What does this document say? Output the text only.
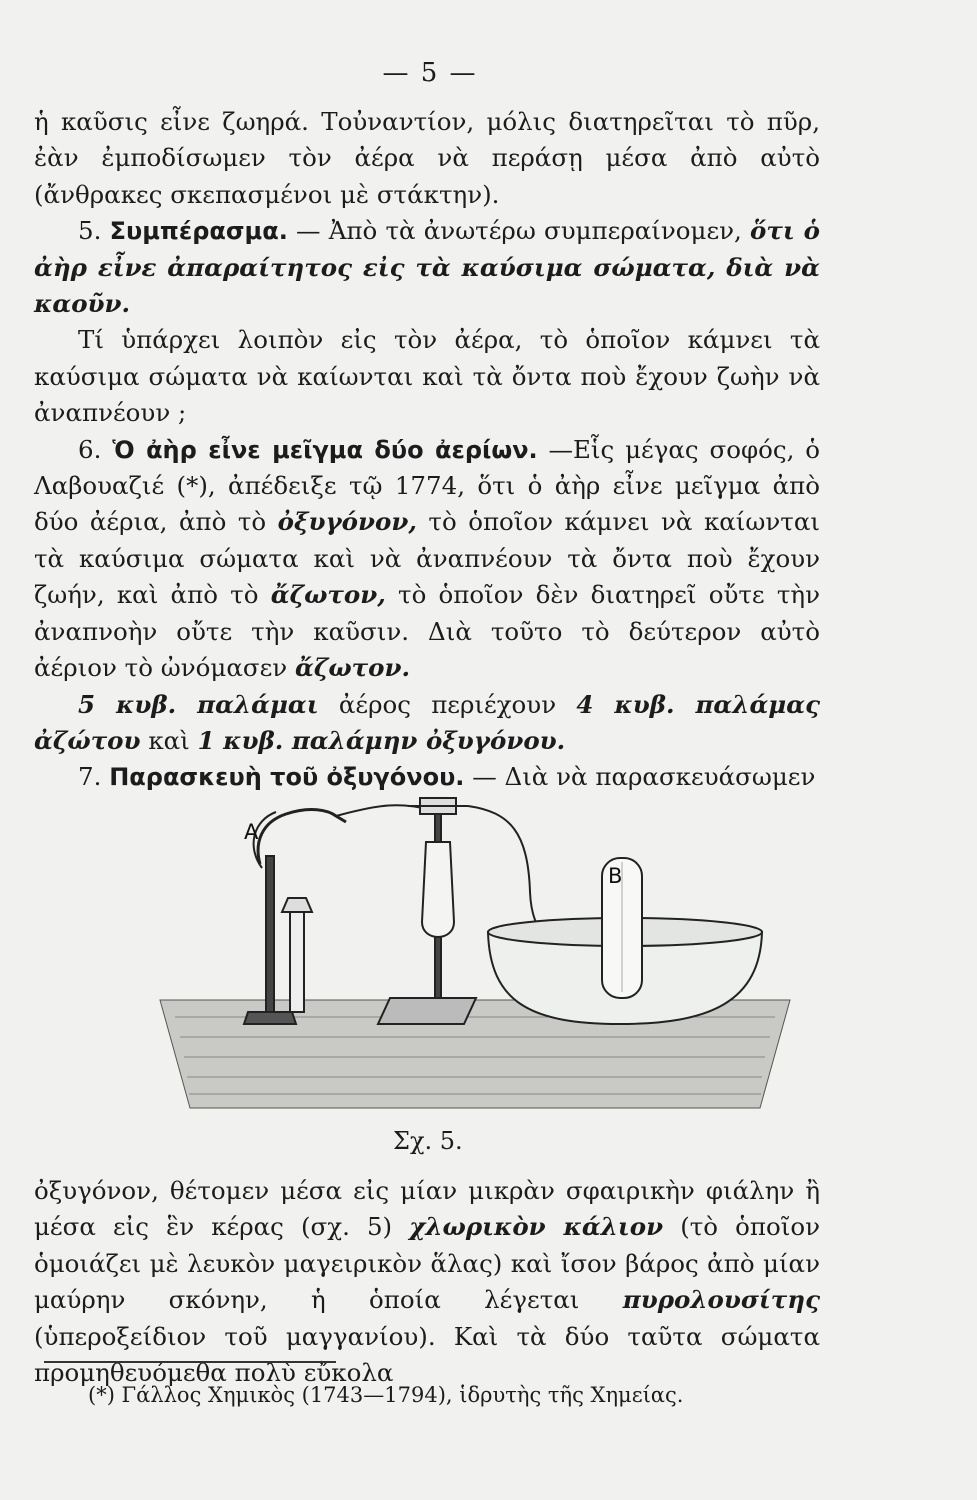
— 5 —

ἡ καῦσις εἶνε ζωηρά. Τοὐναντίον, μόλις διατηρεῖται τὸ πῦρ, ἐὰν ἐμποδίσωμεν τὸν ἀέρα νὰ περάσῃ μέσα ἀπὸ αὐτὸ (ἄνθρακες σκεπασμένοι μὲ στάκτην).

5. Συμπέρασμα. — Ἀπὸ τὰ ἀνωτέρω συμπεραίνομεν, ὅτι ὁ ἀὴρ εἶνε ἀπαραίτητος εἰς τὰ καύσιμα σώματα, διὰ νὰ καοῦν.

Τί ὑπάρχει λοιπὸν εἰς τὸν ἀέρα, τὸ ὁποῖον κάμνει τὰ καύσιμα σώματα νὰ καίωνται καὶ τὰ ὄντα ποὺ ἔχουν ζωὴν νὰ ἀναπνέουν ;

6. Ὁ ἀὴρ εἶνε μεῖγμα δύο ἀερίων. —Εἷς μέγας σοφός, ὁ Λαβουαζιέ (*), ἀπέδειξε τῷ 1774, ὅτι ὁ ἀὴρ εἶνε μεῖγμα ἀπὸ δύο ἀέρια, ἀπὸ τὸ ὀξυγόνον, τὸ ὁποῖον κάμνει νὰ καίωνται τὰ καύσιμα σώματα καὶ νὰ ἀναπνέουν τὰ ὄντα ποὺ ἔχουν ζωήν, καὶ ἀπὸ τὸ ἄζωτον, τὸ ὁποῖον δὲν διατηρεῖ οὔτε τὴν ἀναπνοὴν οὔτε τὴν καῦσιν. Διὰ τοῦτο τὸ δεύτερον αὐτὸ ἀέριον τὸ ὠνόμασεν ἄζωτον.

5 κυβ. παλάμαι ἀέρος περιέχουν 4 κυβ. παλάμας ἀζώτου καὶ 1 κυβ. παλάμην ὀξυγόνου.

7. Παρασκευὴ τοῦ ὀξυγόνου. — Διὰ νὰ παρασκευάσωμεν

A
B
Σχ. 5.

ὀξυγόνον, θέτομεν μέσα εἰς μίαν μικρὰν σφαιρικὴν φιάλην ἢ μέσα εἰς ἓν κέρας (σχ. 5) χλωρικὸν κάλιον (τὸ ὁποῖον ὁμοιάζει μὲ λευκὸν μαγειρικὸν ἅλας) καὶ ἴσον βάρος ἀπὸ μίαν μαύρην σκόνην, ἡ ὁποία λέγεται πυρολουσίτης (ὑπεροξείδιον τοῦ μαγγανίου). Καὶ τὰ δύο ταῦτα σώματα προμηθευόμεθα πολὺ εὔκολα

(*) Γάλλος Χημικὸς (1743—1794), ἱδρυτὴς τῆς Χημείας.
